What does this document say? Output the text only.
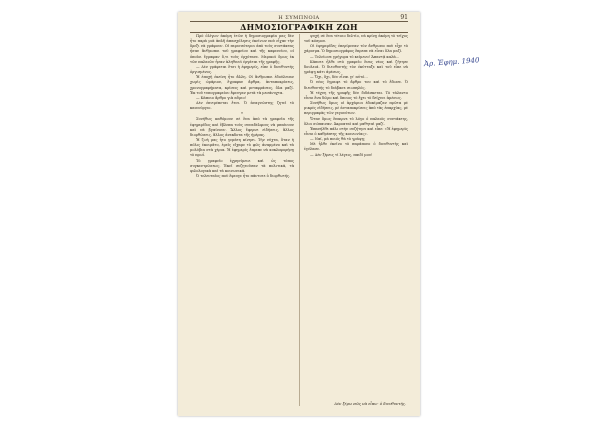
Η ΣΥΜΠΝΟΙΑ	91
ΔΗΜΟΣΙΟΓΡΑΦΙΚΗ ΖΩΗ

Πρὸ ὀλίγων ἀκόμη ἐτῶν ἡ δημοσιογραφία μας δὲν ἦτο παρὰ μιὰ ἀπλῆ ἀπασχόλησις ἐκείνων ποὺ εἶχαν τὴν ὄρεξι νὰ γράφουν. Οἱ περισσότεροι ἀπὸ τοὺς συντάκτας ἦσαν ἄνθρωποι τοῦ γραφείου καὶ τῆς καφενείου, οἱ ὁποῖοι ἔγραφαν ὅ,τι τοὺς ἐρχότανε. Μερικοὶ ὅμως ἐκ τῶν παλαιῶν ἦσαν ἀληθινοὶ ἐργάται τῆς γραφῆς.

— Δὲν γράφεται ἔτσι ἡ ἐφημερίς, εἶπε ὁ διευθυντὴς ὀργισμένος.

Ἡ ἐποχὴ ἐκείνη ἦτο ἄλλη. Οἱ ἄνθρωποι ἐδούλευαν χωρὶς ὡράριον, ἔγραφαν ἄρθρα, ἀνταποκρίσεις, χρονογραφήματα, κρίσεις καὶ μεταφράσεις, ὅλα μαζί. Ἐκ τοῦ τυπογραφείου ἔφευγαν μετὰ τὰ μεσάνυχτα.

— Κάποιο ἄρθρο γιὰ αὔριο!

Δὲν ἐπιτρέπεται ἔτσι. Ὁ ἀναγνώστης ζητεῖ τὸ καινούργιο.

*

Συνήθως καθόμουν σὲ ἕνα ἀπὸ τὰ γραφεῖα τῆς ἐφημερίδος καὶ ἔβλεπα τοὺς συναδέλφους νὰ μπαίνουν καὶ νὰ βγαίνουν. Ἄλλος ἔφερνε εἰδήσεις, ἄλλος διορθώσεις, ἄλλος ἀνεκδοτα τῆς ἡμέρας.

Ἡ ζωὴ μας ἦτο γεμάτη κίνησι. Τὴν νύχτα, ὅταν ἡ πόλις ἐκοιμᾶτο, ἐμεῖς εἴχαμε τὸ φῶς ἀναμμένο καὶ τὰ μολύβια στὰ χέρια. Ἡ ἐφημερίς ἔπρεπε νὰ κυκλοφορήσῃ τὸ πρωΐ.

Τὸ γραφεῖο ἐχρησίμευε καὶ ὡς τόπος συγκεντρώσεως. Ἐκεῖ συζητοῦσαν τὰ πολιτικά, τὰ φιλολογικὰ καὶ τὰ κοινωνικά.

Ὁ τελευταῖος ποὺ ἔφευγε ἦτο πάντοτε ὁ διορθωτής.

ψυχὴ σὲ ἕνα τέτοιο δελτίο, νὰ κρίνῃ ἀκόμη τὸ τεῖχος τοῦ κόσμου.

Οἱ ἐφημερίδες ἐπερίμεναν τὸν ἄνθρωπο ποὺ εἶχε τὸ χάρισμα. Ὁ δημοσιογράφος ἔπρεπε νὰ εἶναι ὅλα μαζί.

— Τελείωσε γρήγορα τὸ κείμενο! Ἀπαντᾷ καλά...

Κάποτε ἦλθε στὸ γραφεῖο ἕνας νέος καὶ ζήτησε δουλειά. Ὁ διευθυντὴς τὸν ἐκύτταξε καὶ τοῦ εἶπε νὰ γράψῃ κάτι ἀμέσως.

— Ὄχι, ὄχι, δὲν εἶναι γι' αὐτό...

Ὁ νέος ἔγραψε τὸ ἄρθρο του καὶ τὸ ἔδωσε. Ὁ διευθυντὴς τὸ διάβασε σιωπηλός.

Ἡ τέχνη τῆς γραφῆς δὲν διδάσκεται. Τὸ τάλαντο εἶναι ἕνα δῶρο καὶ ὅποιος τὸ ἔχει τὸ δείχνει ἀμέσως.

Συνήθως ὅμως οἱ ἀρχάριοι ἐδοκίμαζαν πρῶτα μὲ μικρὲς εἰδήσεις, μὲ ἀνταποκρίσεις ἀπὸ τὰς ἐπαρχίας, μὲ περιγραφὰς τῶν γεγονότων.

Ὅταν ὅμως ἔπαιρνε τὸ λόγο ὁ παλαιὸς συντάκτης, ὅλοι σώπαιναν. Ἀκροαταὶ καὶ μαθηταὶ μαζί.

Ἐπανήλθε πάλι στὴν συζήτησι καὶ εἶπε: «Ἡ ἐφημερὶς εἶναι ὁ καθρέπτης τῆς κοινωνίας».

— Ναί, μὰ ποιός θὰ τὸ γράψῃ;

Μὲ ἦλθε ἐκεῖνο τὸ παράπονο ὁ διευθυντὴς καὶ ἐγέλασε.

— Δὲν ξέρεις τί λέγεις, παιδί μου!

Δὲν ξέρω πῶς νὰ εἶπω· ὁ διευθυντής.
Ἀρ. Ἐφημ. 1940
